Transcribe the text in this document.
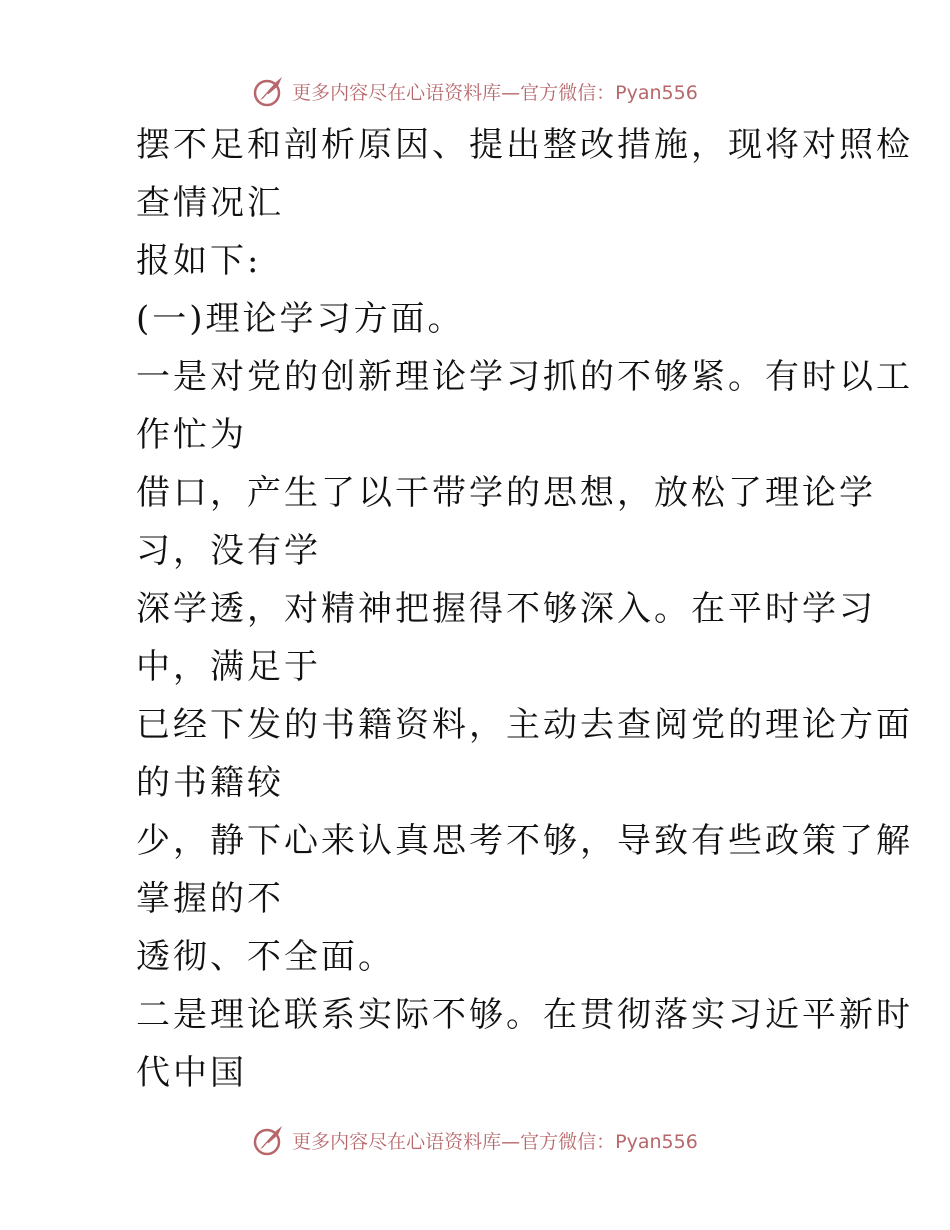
更多内容尽在心语资料库—官方微信：Pyan556

摆不足和剖析原因、提出整改措施，现将对照检

查情况汇

报如下:

(一)理论学习方面。

一是对党的创新理论学习抓的不够紧。有时以工

作忙为

借口，产生了以干带学的思想，放松了理论学

习，没有学

深学透，对精神把握得不够深入。在平时学习

中，满足于

已经下发的书籍资料，主动去查阅党的理论方面

的书籍较

少，静下心来认真思考不够，导致有些政策了解

掌握的不

透彻、不全面。

二是理论联系实际不够。在贯彻落实习近平新时

代中国

更多内容尽在心语资料库—官方微信：Pyan556
